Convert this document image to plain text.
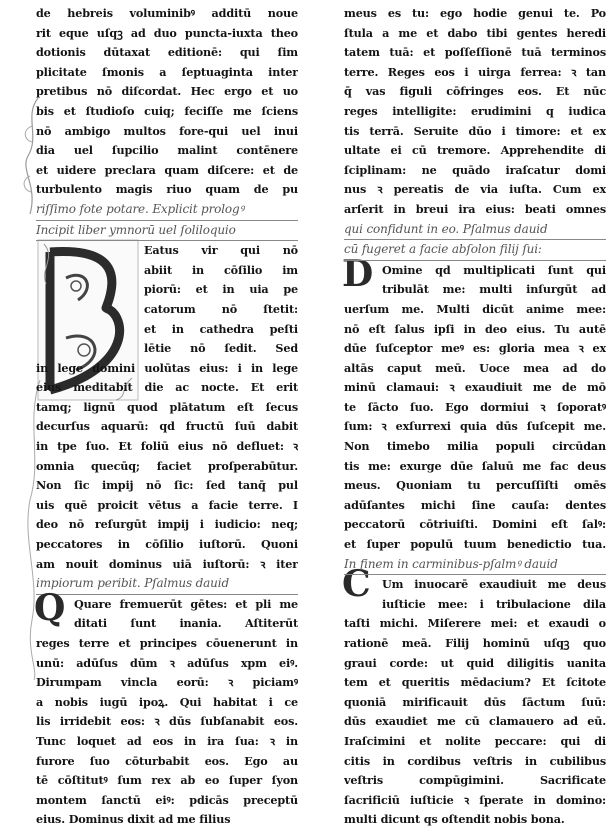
de hebreis voluminibꝰ additū noue
rit eque uſqꝫ ad duo puncta-iuxta theo
dotionis dūtaxat editionē: qui ſim
plicitate ſmonis a ſeptuaginta inter
pretibus nō diſcordat. Hec ergo et uo
bis et ſtudioſo cuiq; feciſſe me ſciens
nō ambigo multos fore-qui uel inui
dia uel ſupcilio malint contēnere
et uidere preclara quam diſcere: et de
turbulento magis riuo quam de pu
riſſimo fote potare. Explicit prologꝰ
Incipit liber ymnorū uel ſoliloquio
Eatus vir qui nō
abiit in cōſilio im
piorū: et in uia pe
catorum nō ſtetit:
et in cathedra peſti
lētie nō ſedit. Sed
in lege domini uolūtas eius: i in lege
eius meditabit die ac nocte. Et erit
tamq; lignū quod plātatum eſt ſecus
decurſus aquarū: qd fructū ſuū dabit
in tpe ſuo. Et foliū eius nō defluet: ꝛ
omnia quecūq; faciet proſperabūtur.
Non ſic impij nō ſic: ſed tanq̄ pul
uis quē proicit vētus a facie terre. I
deo nō reſurgūt impij i iudicio: neq;
peccatores in cōſilio iuſtorū. Quoni
am nouit dominus uiā iuſtorū: ꝛ iter
impiorum peribit. Pſalmus dauid
Quare fremuerūt gētes: et pli me
ditati ſunt inania. Aſtiterūt
reges terre et principes cōuenerunt in
unū: adūſus dūm ꝛ adūſus xpm eiꝰ.
Dirumpam vincla eorū: ꝛ piciamꝰ
a nobis iugū ipoꝝ. Qui habitat i ce
lis irridebit eos: ꝛ dūs ſubſanabit eos.
Tunc loquet ad eos in ira ſua: ꝛ in
furore ſuo cōturbabit eos. Ego au
tē cōſtitutꝰ ſum rex ab eo ſuper ſyon
montem ſanctū eiꝰ: pdicās preceptū
eius. Dominus dixit ad me filius
Q
D
C
meus es tu: ego hodie genui te. Po
ſtula a me et dabo tibi gentes heredi
tatem tuā: et poſſeſſionē tuā terminos
terre. Reges eos i uirga ferrea: ꝛ tan
q̄ vas figuli cōfringes eos. Et nūc
reges intelligite: erudimini q iudica
tis terrā. Seruite dūo i timore: et ex
ultate ei cū tremore. Apprehendite di
ſciplinam: ne quādo iraſcatur domi
nus ꝛ pereatis de via iuſta. Cum ex
arſerit in breui ira eius: beati omnes
qui confidunt in eo. Pſalmus dauid
cū fugeret a facie abſolon filij ſui:
Omine qd multiplicati ſunt qui
tribulāt me: multi inſurgūt ad
uerſum me. Multi dicūt anime mee:
nō eſt ſalus ipſi in deo eius. Tu autē
dūe ſuſceptor meꝰ es: gloria mea ꝛ ex
altās caput meū. Uoce mea ad do
minū clamaui: ꝛ exaudiuit me de mō
te ſācto ſuo. Ego dormiui ꝛ ſoporatꝰ
ſum: ꝛ exſurrexi quia dūs ſuſcepit me.
Non timebo milia populi circūdan
tis me: exurge dūe ſaluū me fac deus
meus. Quoniam tu percuſſiſti omēs
adūſantes michi ſine cauſa: dentes
peccatorū cōtriuiſti. Domini eſt ſalꝰ:
et ſuper populū tuum benedictio tua.
In finem in carminibus-pſalmꝰ dauid
Um inuocarē exaudiuit me deus
iuſticie mee: i tribulacione dila
taſti michi. Miſerere mei: et exaudi o
rationē meā. Filij hominū uſqꝫ quo
graui corde: ut quid diligitis uanita
tem et queritis mēdacium? Et ſcitote
quoniā mirificauit dūs ſāctum ſuū:
dūs exaudiet me cū clamauero ad eū.
Iraſcimini et nolite peccare: qui di
citis in cordibus veſtris in cubilibus
veſtris compūgimini. Sacrificate
ſacrificiū iuſticie ꝛ ſperate in domino:
multi dicunt qs oſtendit nobis bona.
